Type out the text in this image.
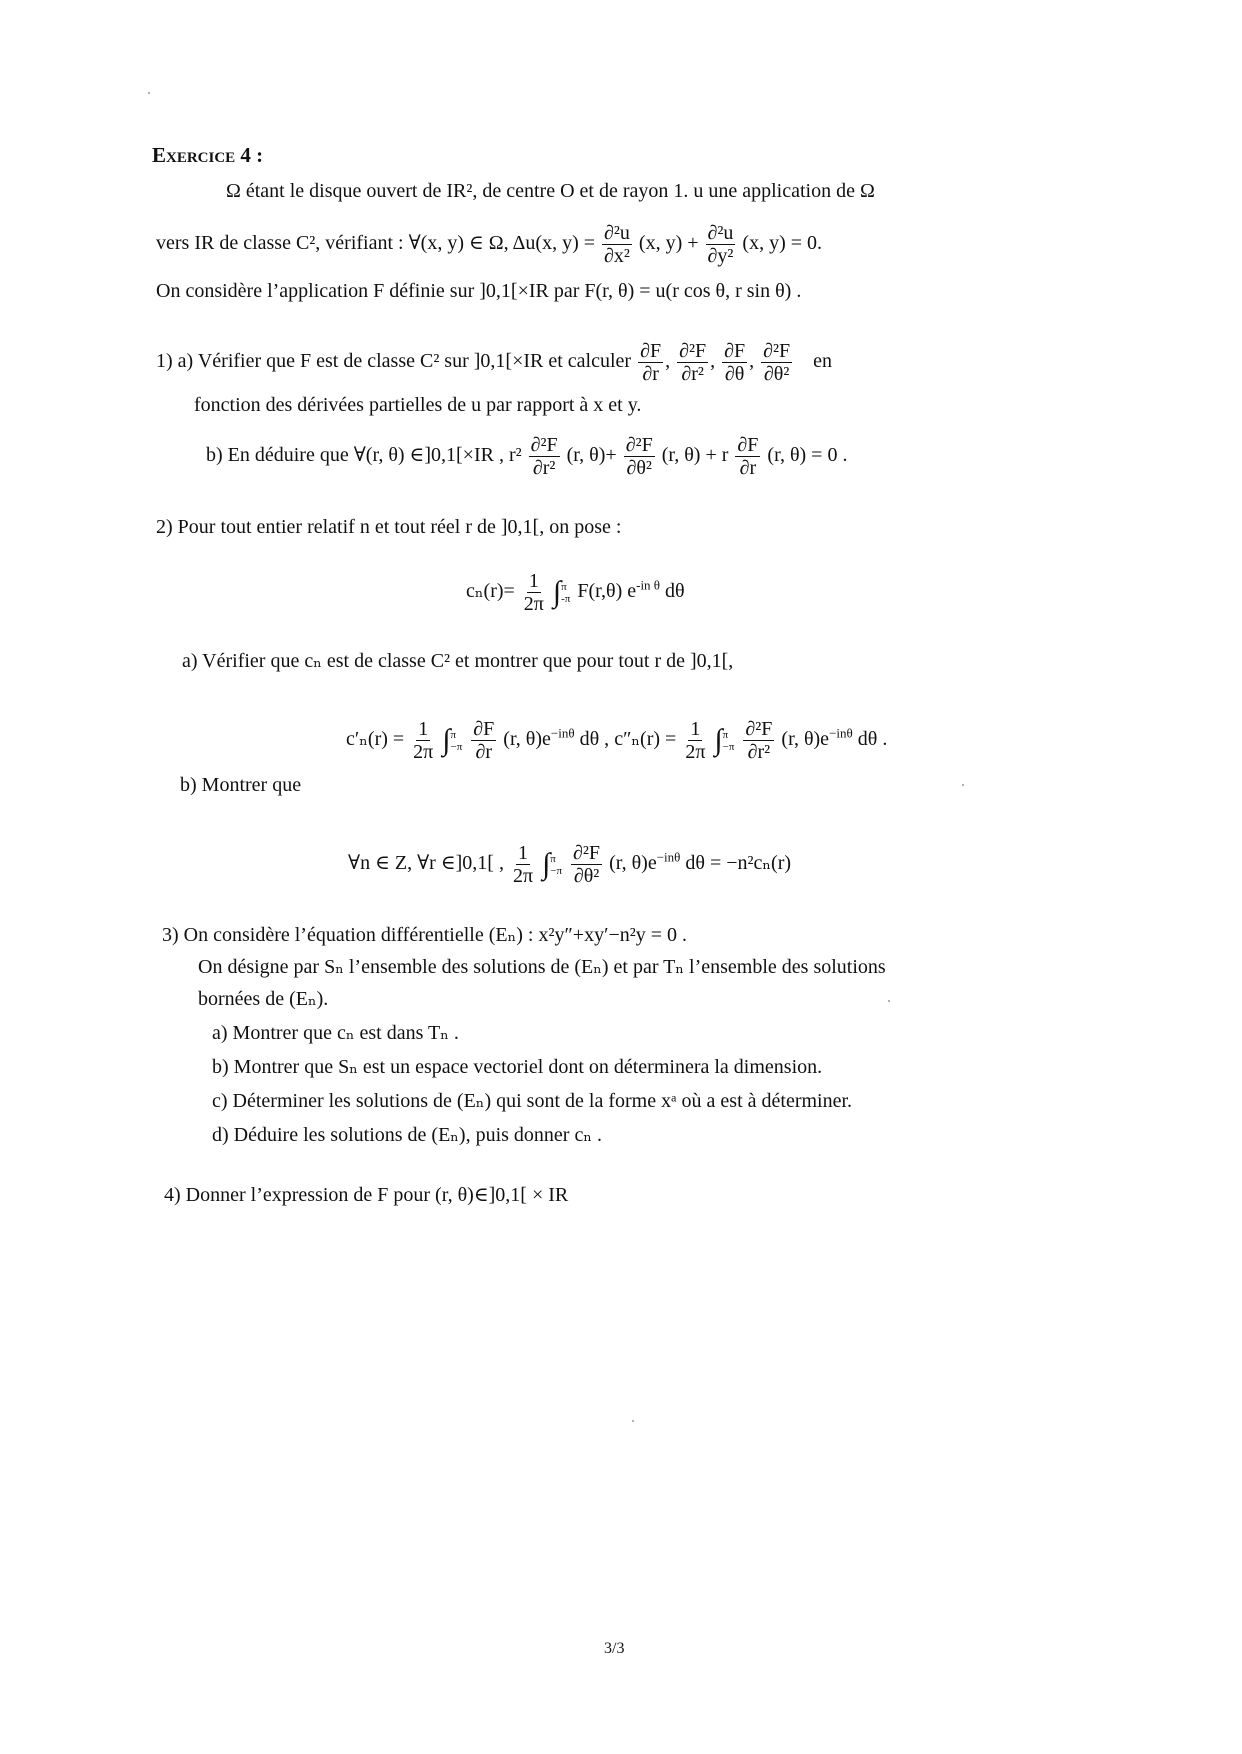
Exercice 4 :
Ω étant le disque ouvert de IR², de centre O et de rayon 1. u une application de Ω
vers IR de classe C², vérifiant : ∀(x, y) ∈ Ω, Δu(x, $y) = \frac{\text{∂²u}}{\text{∂x²}} (x$, $y) + \frac{\text{∂²u}}{\text{∂y²}} (x$, y) = 0.
On considère l’application F définie sur ]0,1[×IR par F(r, θ) = u(r cos θ, r sin θ) .
1) a) Vérifier que F est de classe C² sur ]0,1[×IR et calculer $\frac{\partial F}{\partial r}$ , $\frac{\text{∂²F}}{\text{∂r²}}$ , $\frac{\partial F}{\partial\theta}$ , $\frac{\text{∂²F}}{\text{∂θ²}}$ en
fonction des dérivées partielles de u par rapport à x et y.
b) En déduire que ∀(r, θ) ∈]0,1[×IR , $r^2 \frac{\text{∂²F}}{\text{∂r²}} (r$, $\theta)+ \frac{\text{∂²F}}{\text{∂θ²}} (r$, θ) + r $\frac{\partial F}{\partial r} (r$, θ) = 0 .
2) Pour tout entier relatif n et tout réel r de ]0,1[, on pose :
$c_n(r)= \frac{1}{2\pi}$ ∫ π
-π F(r,θ) $e^{-in \theta}$ dθ
a) Vérifier que cₙ est de classe C² et montrer que pour tout r de ]0,1[,
$c'_n(r) = \frac{1}{2\pi}$ ∫ π
−π
$\frac{\partial F}{\partial r} (r$, $\theta)e^{-in\theta}$ dθ , $c''_n(r) = \frac{1}{2\pi}$ ∫ π
−π
$\frac{\text{∂²F}}{\text{∂r²}} (r$, $\theta)e^{-in\theta}$ dθ .
b) Montrer que
∀n ∈ Z, ∀r ∈]0,1[ , $\frac{1}{2\pi}$ ∫ π
−π
$\frac{\text{∂²F}}{\text{∂θ²}} (r$, $\theta)e^{-in\theta}$ dθ = −n²cₙ(r)
3) On considère l’équation différentielle (Eₙ) : x²y″+xy′−n²y = 0 .
On désigne par Sₙ l’ensemble des solutions de (Eₙ) et par Tₙ l’ensemble des solutions
bornées de (Eₙ).
a) Montrer que cₙ est dans Tₙ .
b) Montrer que Sₙ est un espace vectoriel dont on déterminera la dimension.
c) Déterminer les solutions de (Eₙ) qui sont de la forme xᵃ où a est à déterminer.
d) Déduire les solutions de (Eₙ), puis donner cₙ .
4) Donner l’expression de F pour (r, θ)∈]0,1[ × IR
3/3
